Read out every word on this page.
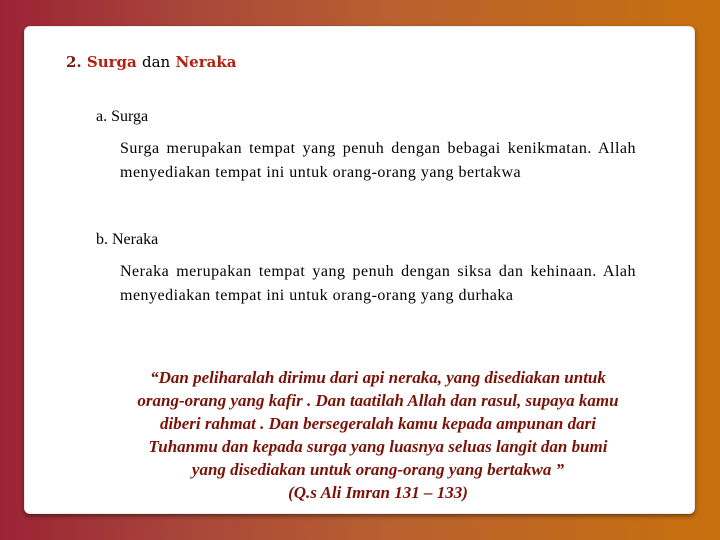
2. Surga dan Neraka
a. Surga
Surga merupakan tempat yang penuh dengan bebagai kenikmatan. Allah menyediakan tempat ini untuk orang-orang yang bertakwa
b. Neraka
Neraka merupakan tempat yang penuh dengan siksa dan kehinaan. Alah menyediakan tempat ini untuk orang-orang yang durhaka
“Dan peliharalah dirimu dari api neraka, yang disediakan untuk
orang-orang yang kafir . Dan taatilah Allah dan rasul, supaya kamu
diberi rahmat . Dan bersegeralah kamu kepada ampunan dari
Tuhanmu dan kepada surga yang luasnya seluas langit dan bumi
yang disediakan untuk orang-orang yang bertakwa ”
(Q.s Ali Imran 131 – 133)
